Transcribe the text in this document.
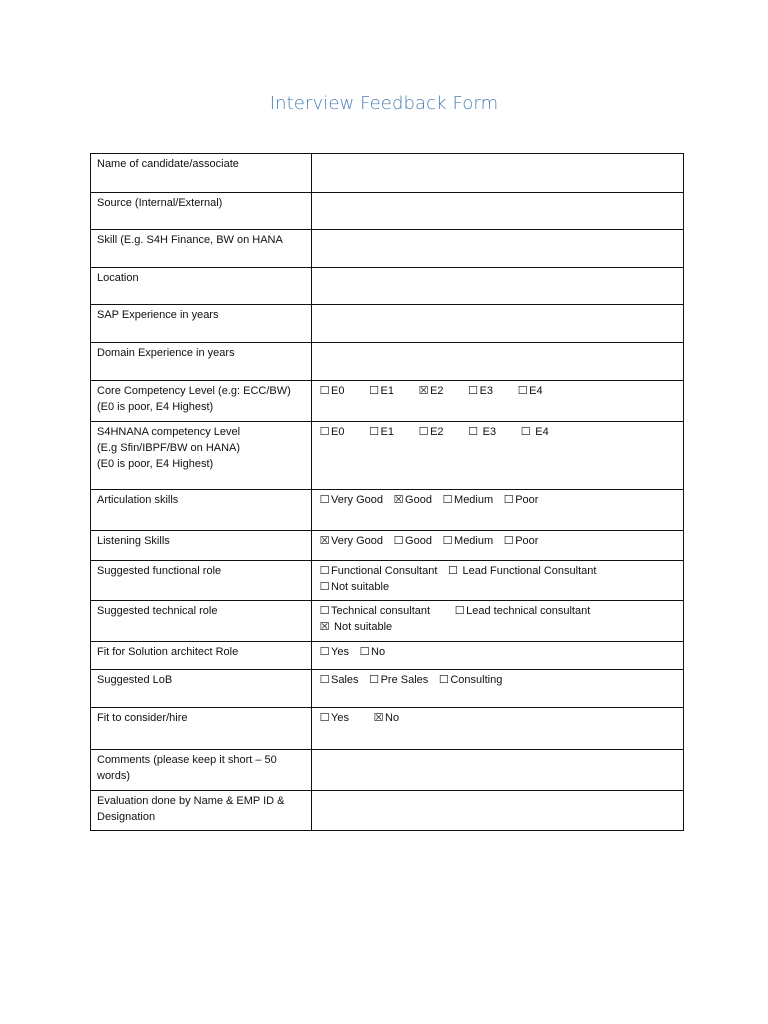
Interview Feedback Form
Name of candidate/associate	
Source (Internal/External)	
Skill (E.g. S4H Finance, BW on HANA	
Location	
SAP Experience in years	
Domain Experience in years	

Core Competency Level (e.g: ECC/BW)
(E0 is poor, E4 Highest)	☐ E0 ☐ E1 ☒ E2 ☐ E3 ☐ E4

S4HNANA competency Level
(E.g Sfin/IBPF/BW on HANA)
(E0 is poor, E4 Highest)	☐ E0 ☐ E1 ☐ E2 ☐ E3 ☐ E4
Articulation skills	☐ Very Good ☒ Good ☐ Medium ☐ Poor
Listening Skills	☒ Very Good ☐ Good ☐ Medium ☐ Poor
Suggested functional role	☐ Functional Consultant ☐ Lead Functional Consultant
☐ Not suitable

Suggested technical role	☐ Technical consultant ☐ Lead technical consultant
☒ Not suitable

Fit for Solution architect Role	☐ Yes ☐ No
Suggested LoB	☐ Sales ☐ Pre Sales ☐ Consulting
Fit to consider/hire	☐ Yes ☒ No
Comments (please keep it short – 50 words)	
Evaluation done by Name & EMP ID & Designation	
